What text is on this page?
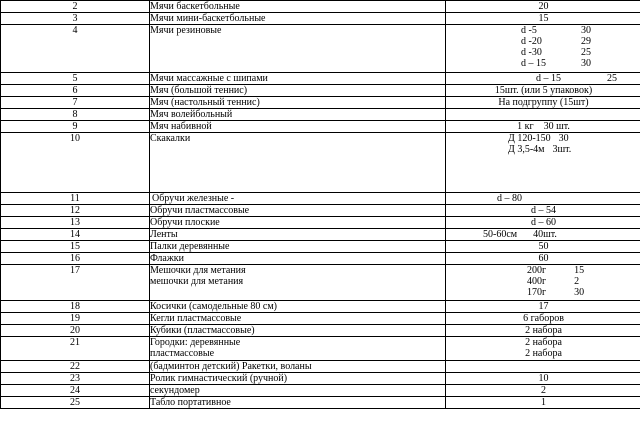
2	Мячи баскетбольные	20

3	Мячи мини-баскетбольные	15

4	Мячи резиновые	d -5 30
d -20 29
d -30 25
d – 15 30

5	Мячи массажные с шипами	d – 15 25

6	Мяч (большой теннис)	15шт. (или 5 упаковок)

7	Мяч (настольный теннис)	На подгруппу (15шт)

8	Мяч волейбольный	

9	Мяч набивной	1 кг 30 шт.

10	Скакалки	Д 120-150 30
Д 3,5-4м 3шт.

11	Обручи железные -	d – 80

12	Обручи пластмассовые	d – 54

13	Обручи плоские	d – 60

14	Ленты	50-60см 40шт.

15	Палки деревянные	50

16	Флажки	60

17	Мешочки для метания
мешочки для метания	200г 15
400г 2
170г 30

18	Косички (самодельные 80 см)	17

19	Кегли пластмассовые	6 габоров

20	Кубики (пластмассовые)	2 набора

21	Городки: деревянные
пластмассовые	2 набора
2 набора

22	(бадминтон детский) Ракетки, воланы	

23	Ролик гимнастический (ручной)	10

24	секундомер	2

25	Табло портативное	1
